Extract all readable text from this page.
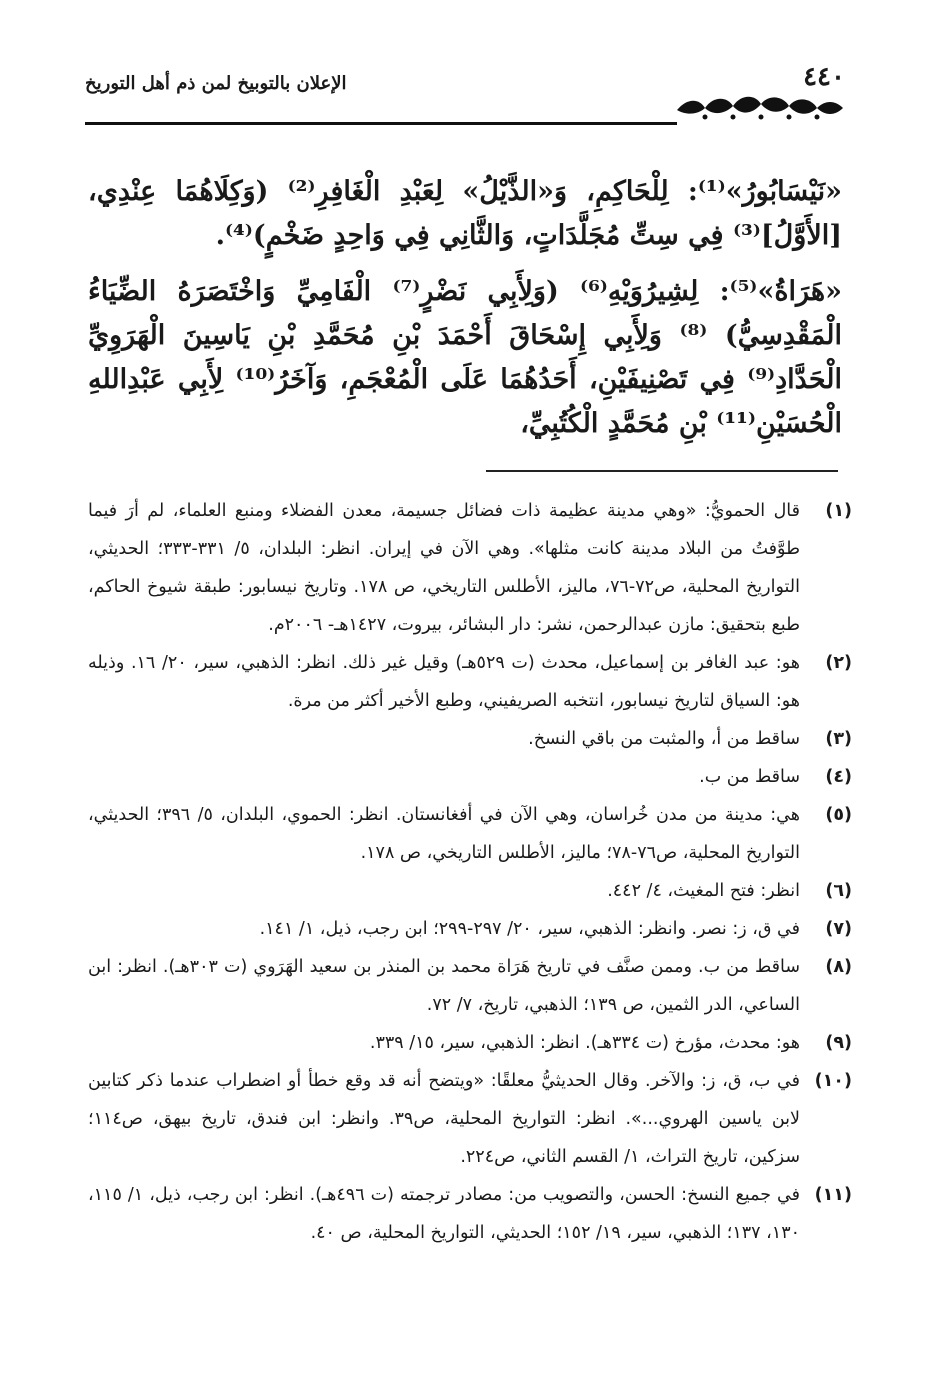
٤٤٠
الإعلان بالتوبيخ لمن ذم أهل التوريخ

«نَيْسَابُورُ»⁽¹⁾: لِلْحَاكِمِ، وَ«الذَّيْلُ» لِعَبْدِ الْغَافِرِ⁽²⁾ (وَكِلَاهُمَا عِنْدِي، [الأَوَّلُ]⁽³⁾ فِي سِتِّ مُجَلَّدَاتٍ، وَالثَّانِي فِي وَاحِدٍ ضَخْمٍ)⁽⁴⁾.

«هَرَاةُ»⁽⁵⁾: لِشِيرُوَيْهِ⁽⁶⁾ (وَلِأَبِي نَضْرٍ⁽⁷⁾ الْفَامِيِّ وَاخْتَصَرَهُ الضِّيَاءُ الْمَقْدِسِيُّ) ⁽⁸⁾ وَلِأَبِي إِسْحَاقَ أَحْمَدَ بْنِ مُحَمَّدِ بْنِ يَاسِينَ الْهَرَوِيِّ الْحَدَّادِ⁽⁹⁾ فِي تَصْنِيفَيْنِ، أَحَدُهُمَا عَلَى الْمُعْجَمِ، وَآخَرُ⁽¹⁰⁾ لِأَبِي عَبْدِاللهِ الْحُسَيْنِ⁽¹¹⁾ بْنِ مُحَمَّدٍ الْكُتُبِيِّ،

(١)
قال الحمويُّ: «وهي مدينة عظيمة ذات فضائل جسيمة، معدن الفضلاء ومنبع العلماء، لم أرَ فيما طوَّفتُ من البلاد مدينة كانت مثلها». وهي الآن في إيران. انظر: البلدان، ٥/ ٣٣١-٣٣٣؛ الحديثي، التواريخ المحلية، ص٧٢-٧٦، ماليز، الأطلس التاريخي، ص ١٧٨. وتاريخ نيسابور: طبقة شيوخ الحاكم، طبع بتحقيق: مازن عبدالرحمن، نشر: دار البشائر، بيروت، ١٤٢٧هـ- ٢٠٠٦م.
(٢)
هو: عبد الغافر بن إسماعيل، محدث (ت ٥٢٩هـ) وقيل غير ذلك. انظر: الذهبي، سير، ٢٠/ ١٦. وذيله هو: السياق لتاريخ نيسابور، انتخبه الصريفيني، وطبع الأخير أكثر من مرة.
(٣)
ساقط من أ، والمثبت من باقي النسخ.
(٤)
ساقط من ب.
(٥)
هي: مدينة من مدن خُراسان، وهي الآن في أفغانستان. انظر: الحموي، البلدان، ٥/ ٣٩٦؛ الحديثي، التواريخ المحلية، ص٧٦-٧٨؛ ماليز، الأطلس التاريخي، ص ١٧٨.
(٦)
انظر: فتح المغيث، ٤/ ٤٤٢.
(٧)
في ق، ز: نصر. وانظر: الذهبي، سير، ٢٠/ ٢٩٧-٢٩٩؛ ابن رجب، ذيل، ١/ ١٤١.
(٨)
ساقط من ب. وممن صنَّف في تاريخ هَرَاة محمد بن المنذر بن سعيد الهَرَوي (ت ٣٠٣هـ). انظر: ابن الساعي، الدر الثمين، ص ١٣٩؛ الذهبي، تاريخ، ٧/ ٧٢.
(٩)
هو: محدث، مؤرخ (ت ٣٣٤هـ). انظر: الذهبي، سير، ١٥/ ٣٣٩.
(١٠)
في ب، ق، ز: والآخر. وقال الحديثيُّ معلقًا: «ويتضح أنه قد وقع خطأ أو اضطراب عندما ذكر كتابين لابن ياسين الهروي...». انظر: التواريخ المحلية، ص٣٩. وانظر: ابن فندق، تاريخ بيهق، ص١١٤؛ سزكين، تاريخ التراث، ١/ القسم الثاني، ص٢٢٤.
(١١)
في جميع النسخ: الحسن، والتصويب من: مصادر ترجمته (ت ٤٩٦هـ). انظر: ابن رجب، ذيل، ١/ ١١٥، ١٣٠، ١٣٧؛ الذهبي، سير، ١٩/ ١٥٢؛ الحديثي، التواريخ المحلية، ص ٤٠.
